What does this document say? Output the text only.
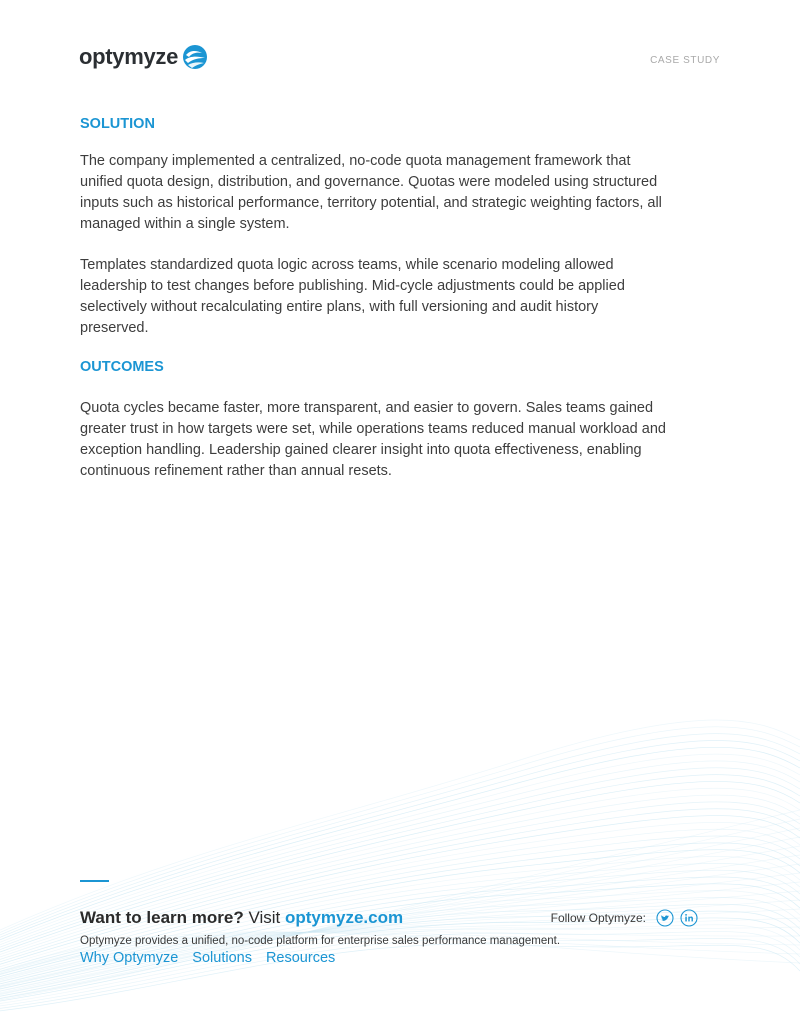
optymyze	CASE STUDY
SOLUTION

The company implemented a centralized, no-code quota management framework that unified quota design, distribution, and governance. Quotas were modeled using structured inputs such as historical performance, territory potential, and strategic weighting factors, all managed within a single system.

Templates standardized quota logic across teams, while scenario modeling allowed leadership to test changes before publishing. Mid-cycle adjustments could be applied selectively without recalculating entire plans, with full versioning and audit history preserved.

OUTCOMES

Quota cycles became faster, more transparent, and easier to govern. Sales teams gained greater trust in how targets were set, while operations teams reduced manual workload and exception handling. Leadership gained clearer insight into quota effectiveness, enabling continuous refinement rather than annual resets.

Want to learn more? Visit optymyze.com	Follow Optymyze:
Optymyze provides a unified, no-code platform for enterprise sales performance management.
Why Optymyze Solutions Resources
